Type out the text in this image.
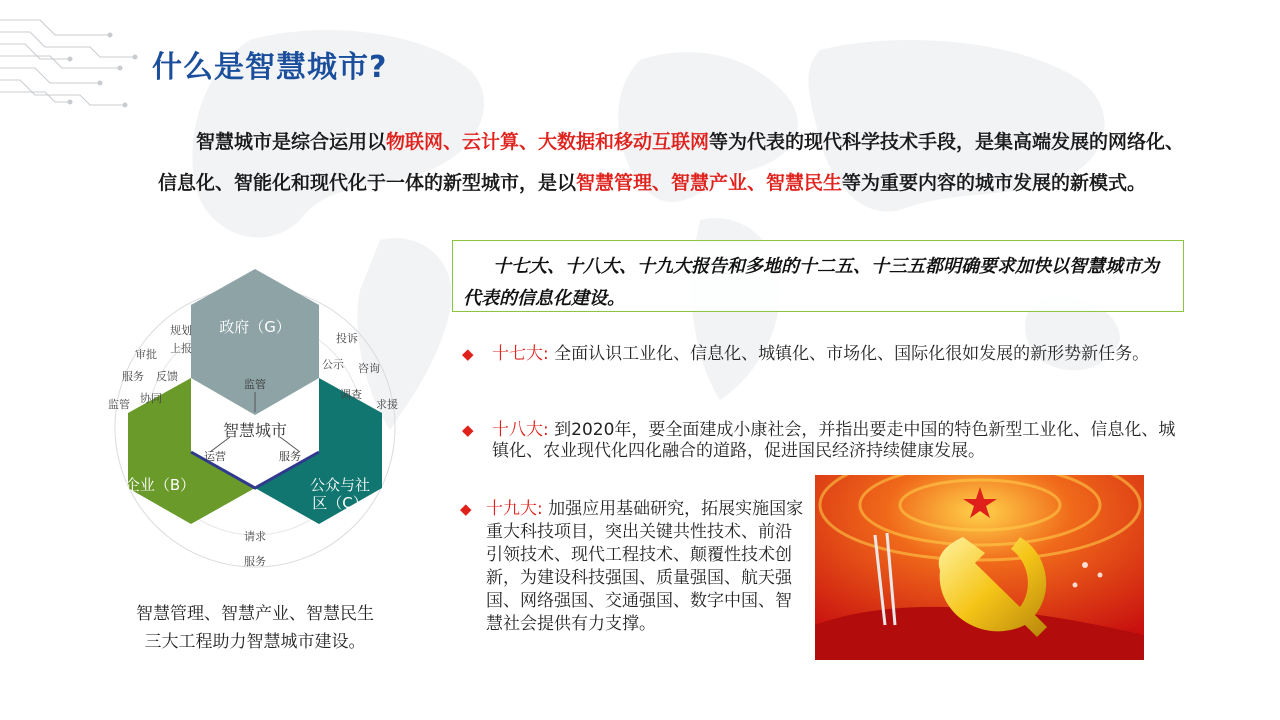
什么是智慧城市?
智慧城市是综合运用以物联网、云计算、大数据和移动互联网等为代表的现代科学技术手段，是集高端发展的网络化、信息化、智能化和现代化于一体的新型城市，是以智慧管理、智慧产业、智慧民生等为重要内容的城市发展的新模式。
十七大、十八大、十九大报告和多地的十二五、十三五都明确要求加快以智慧城市为代表的信息化建设。
◆	十七大: 全面认识工业化、信息化、城镇化、市场化、国际化很如发展的新形势新任务。
◆	十八大: 到2020年，要全面建成小康社会，并指出要走中国的特色新型工业化、信息化、城镇化、农业现代化四化融合的道路，促进国民经济持续健康发展。
◆ 十九大: 加强应用基础研究，拓展实施国家重大科技项目，突出关键共性技术、前沿引领技术、现代工程技术、颠覆性技术创新，为建设科技强国、质量强国、航天强国、网络强国、交通强国、数字中国、智慧社会提供有力支撑。
政府（G）
企业（B）	公众与社
区（C）
智慧城市
监管
运营	服务
规划
上报
审批
服务 反馈
监管 协同
投诉
公示 咨询
调查
求援
请求
服务
智慧管理、智慧产业、智慧民生
三大工程助力智慧城市建设。
